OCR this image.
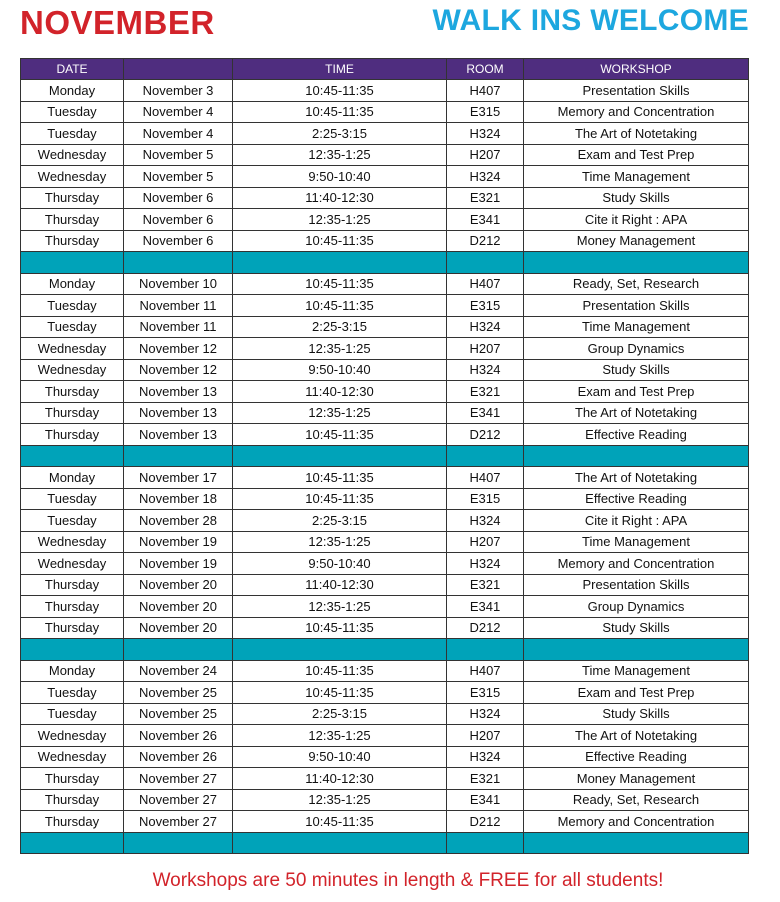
NOVEMBER	WALK INS WELCOME
DATE		TIME	ROOM	WORKSHOP
Monday	November 3	10:45-11:35	H407	Presentation Skills
Tuesday	November 4	10:45-11:35	E315	Memory and Concentration
Tuesday	November 4	2:25-3:15	H324	The Art of Notetaking
Wednesday	November 5	12:35-1:25	H207	Exam and Test Prep
Wednesday	November 5	9:50-10:40	H324	Time Management
Thursday	November 6	11:40-12:30	E321	Study Skills
Thursday	November 6	12:35-1:25	E341	Cite it Right : APA
Thursday	November 6	10:45-11:35	D212	Money Management

Monday	November 10	10:45-11:35	H407	Ready, Set, Research
Tuesday	November 11	10:45-11:35	E315	Presentation Skills
Tuesday	November 11	2:25-3:15	H324	Time Management
Wednesday	November 12	12:35-1:25	H207	Group Dynamics
Wednesday	November 12	9:50-10:40	H324	Study Skills
Thursday	November 13	11:40-12:30	E321	Exam and Test Prep
Thursday	November 13	12:35-1:25	E341	The Art of Notetaking
Thursday	November 13	10:45-11:35	D212	Effective Reading

Monday	November 17	10:45-11:35	H407	The Art of Notetaking
Tuesday	November 18	10:45-11:35	E315	Effective Reading
Tuesday	November 28	2:25-3:15	H324	Cite it Right : APA
Wednesday	November 19	12:35-1:25	H207	Time Management
Wednesday	November 19	9:50-10:40	H324	Memory and Concentration
Thursday	November 20	11:40-12:30	E321	Presentation Skills
Thursday	November 20	12:35-1:25	E341	Group Dynamics
Thursday	November 20	10:45-11:35	D212	Study Skills

Monday	November 24	10:45-11:35	H407	Time Management
Tuesday	November 25	10:45-11:35	E315	Exam and Test Prep
Tuesday	November 25	2:25-3:15	H324	Study Skills
Wednesday	November 26	12:35-1:25	H207	The Art of Notetaking
Wednesday	November 26	9:50-10:40	H324	Effective Reading
Thursday	November 27	11:40-12:30	E321	Money Management
Thursday	November 27	12:35-1:25	E341	Ready, Set, Research
Thursday	November 27	10:45-11:35	D212	Memory and Concentration

Workshops are 50 minutes in length & FREE for all students!
